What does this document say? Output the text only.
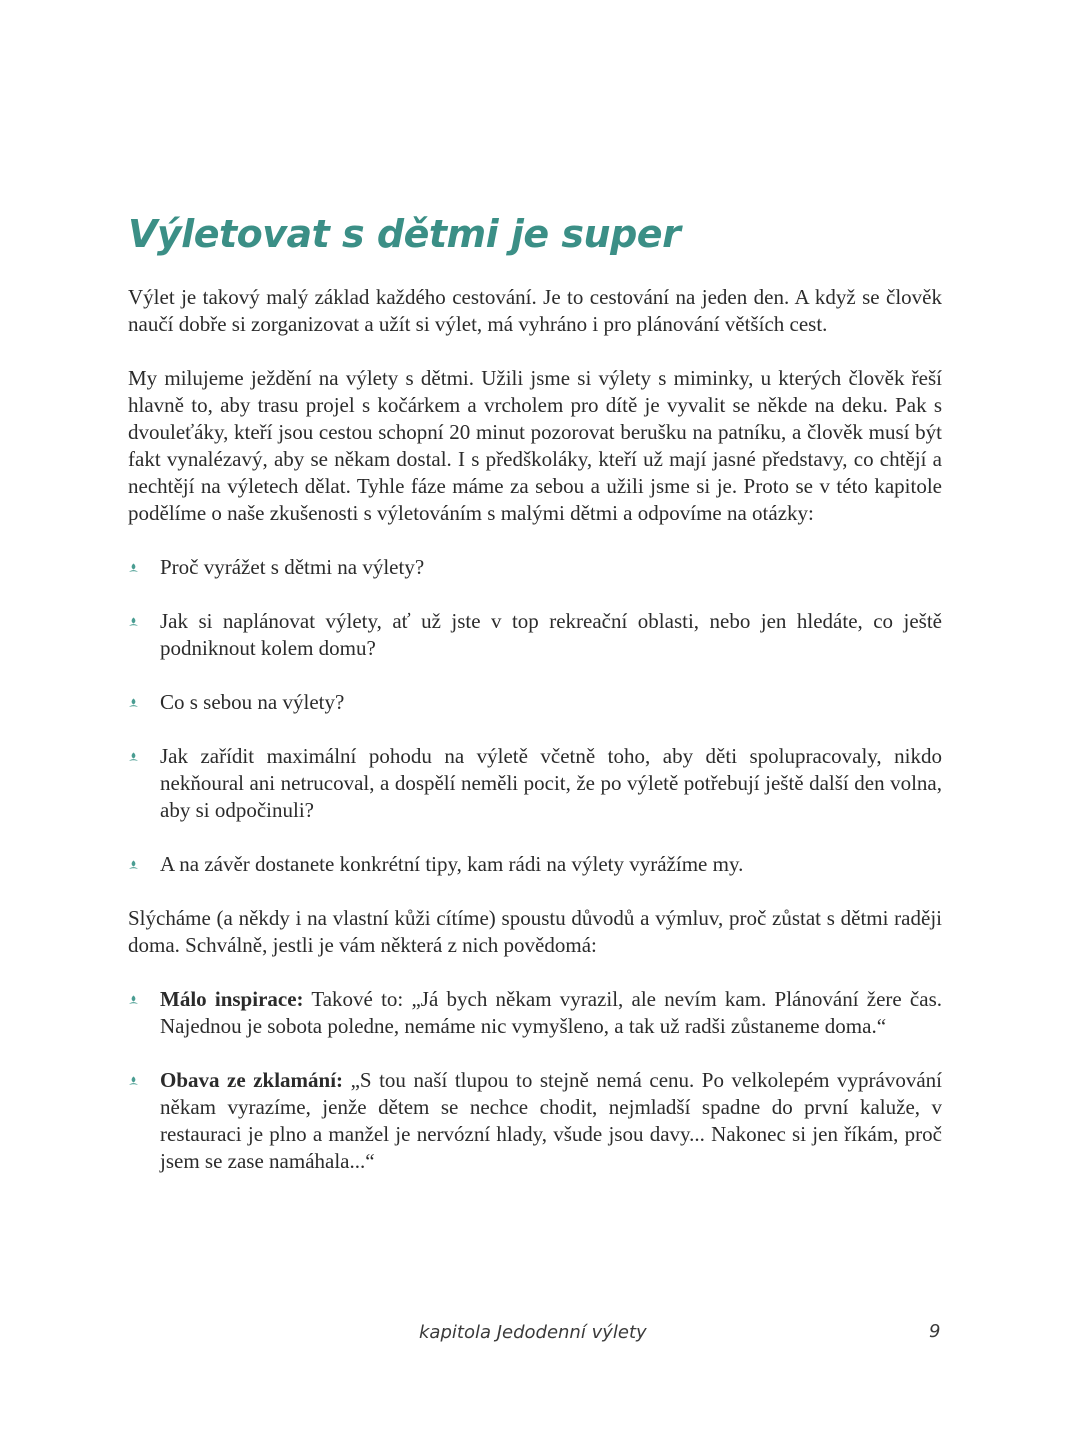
Výletovat s dětmi je super

Výlet je takový malý základ každého cestování. Je to cestování na jeden den. A když se člověk naučí dobře si zorganizovat a užít si výlet, má vyhráno i pro plánování větších cest.

My milujeme ježdění na výlety s dětmi. Užili jsme si výlety s miminky, u kterých člověk řeší hlavně to, aby trasu projel s kočárkem a vrcholem pro dítě je vyvalit se někde na deku. Pak s dvouleťáky, kteří jsou cestou schopní 20 minut pozorovat berušku na patníku, a člověk musí být fakt vynalézavý, aby se někam dostal. I s předškoláky, kteří už mají jasné představy, co chtějí a nechtějí na výletech dělat. Tyhle fáze máme za sebou a užili jsme si je. Proto se v této kapitole podělíme o naše zkušenosti s výletováním s malými dětmi a odpovíme na otázky:

Proč vyrážet s dětmi na výlety?
Jak si naplánovat výlety, ať už jste v top rekreační oblasti, nebo jen hledáte, co ještě podniknout kolem domu?
Co s sebou na výlety?
Jak zařídit maximální pohodu na výletě včetně toho, aby děti spolupracovaly, nikdo nekňoural ani netrucoval, a dospělí neměli pocit, že po výletě potřebují ještě další den volna, aby si odpočinuli?
A na závěr dostanete konkrétní tipy, kam rádi na výlety vyrážíme my.

Slýcháme (a někdy i na vlastní kůži cítíme) spoustu důvodů a výmluv, proč zůstat s dětmi raději doma. Schválně, jestli je vám některá z nich povědomá:

Málo inspirace: Takové to: „Já bych někam vyrazil, ale nevím kam. Plánování žere čas. Najednou je sobota poledne, nemáme nic vymyšleno, a tak už radši zůstaneme doma.“
Obava ze zklamání: „S tou naší tlupou to stejně nemá cenu. Po velkolepém vyprávování někam vyrazíme, jenže dětem se nechce chodit, nejmladší spadne do první kaluže, v restauraci je plno a manžel je nervózní hlady, všude jsou davy... Nakonec si jen říkám, proč jsem se zase namáhala...“
kapitola Jedodenní výlety	9
